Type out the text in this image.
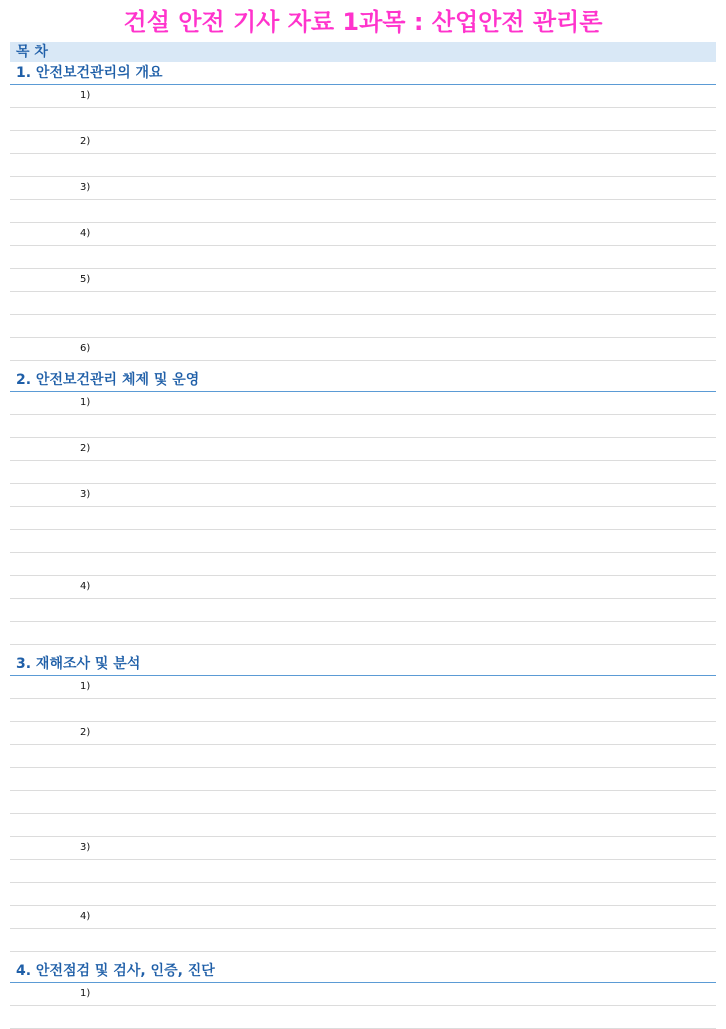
건설 안전 기사 자료 1과목 : 산업안전 관리론
목 차
1. 안전보건관리의 개요
1)
2)
3)
4)
5)
6)
2. 안전보건관리 체제 및 운영
1)
2)
3)
4)
3. 재해조사 및 분석
1)
2)
3)
4)
4. 안전점검 및 검사, 인증, 진단
1)
